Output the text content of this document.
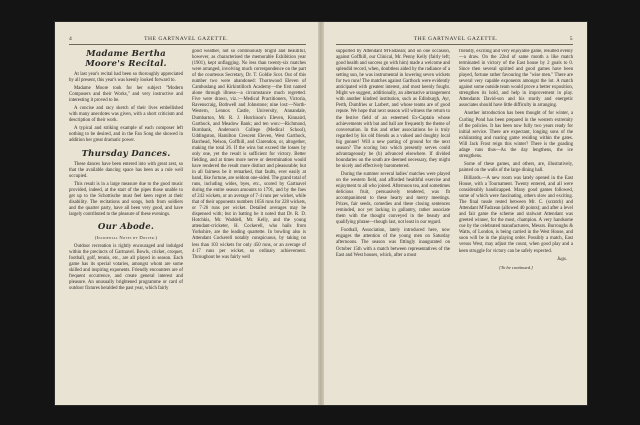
4	THE GARTNAVEL GAZETTE.
Madame Bertha Moore's Recital.

At last year's recital had been so thoroughly appreciated by all present, this year's was keenly looked forward to.

Madame Moore took for her subject "Modern Composers and their Works," and very instructive and interesting it proved to be.

A concise and racy sketch of their lives embellished with many anecdotes was given, with a short criticism and description of their work.

A typical and striking example of each composer left nothing to be desired, and in the Fan Song she showed in addition her great dramatic power.

Thursday Dances.

These dances have been entered into with great zest, so that the available dancing space has been as a rule well occupied.

This result is in a large measure due to the good music provided, indeed, at the start of the pipes those unable to get up to the Schottische must feel keen regret at their disability. The recitations and songs, both from soldiers and the quarter party, have all been very good, and have largely contributed to the pleasure of these evenings.

Our Abode.
(Incidental Notes by Doster.)

Outdoor recreation is rightly encouraged and indulged within the precincts of Gartnavel. Bowls, cricket, croquet, football, golf, tennis, etc., are all played in season. Each game has its special votaries, amongst whom are some skilled and inspiring exponents. Friendly encounters are of frequent occurrence, and create general interest and pleasure. An unusually brightened programme or card of outdoor fixtures heralded the past year, which fairly

good weather, not so continuously bright and beautiful, however, as characterised the memorable Exhibition year (1901), kept unflagging. No less than twenty-six matches were arranged, involving much correspondence on the part of the courteous Secretary, Dr. T. Goldie Scot. Out of this number two were abandoned: Thornwood Eleven of Cambuslang and Kirkintilloch Academy—the first named alone through illness—a circumstance much regretted. Five were drawn, viz.:—Medical Practitioners, Victoria, Ravenscraig, Bothwell and Johnstone; nine lost:—North-Western, Lennox Castle, University, Annandale, Dumbarton, Mr. R. J. Hutchison's Eleven, Kinnaird, Garthock, and Meadow Bank; and ten won:—Richmond, Burnbank, Anderson's College (Medical School), Uddingston, Hamilton Crescent Eleven, West Garthock, Barrhead, Nelson, Goffhill, and Clarendon, or, altogether, making the total 26. If the wins but exceed the losses by only one, yet the result is sufficient for victory. Better fielding, and at times more nerve or determination would have rendered the result more distinct and pleasurable; but in all fairness be it remarked, that faults, ever easily at hand, like fortune, are seldom one-sided. The grand total of runs, including wides, byes, etc., scored by Gartnavel during the entire season amounts to 1791, and by the foes of 242 wickets, or an average of 7·4 runs per wicket, while that of their opponents numbers 1656 runs for 228 wickets, or 7·26 runs per wicket. Detailed averages may be dispensed with; but in batting be it noted that Dr. R. D. Hotchkis, Mr. Waddell, Mr. Kelly, and the young attendant-cricketer, H. Cockerell, who hails from Yorkshire, are the leading quartette. In bowling also is Attendant Cockerell notably conspicuous, by taking no less than 103 wickets for only 450 runs, or an average of 4·17 runs per wicket, so ordinary achievement. Throughout he was fairly well

THE GARTNAVEL GAZETTE.	5

supported by Attendant M'Fadzean; and on one occasion, against Goffhill, our Clinical, Mr. Penny Kelly (fairly left; good health and success go with him) made a welcome and splendid record, when, doubtless aided by the radiance of a setting sun, he was instrumental in lowering seven wickets for two runs! The matches against Garthock were evidently anticipated with greatest interest, and most keenly fought. Might we suggest, additionally, an alternative arrangement with another kindred institution, such as Edinburgh, Ayr, Perth, Dumfries or Larbert, and whose teams are of good repute. We hope that next season will witness the return to the festive field of an esteemed Ex-Captain whose achievements with bat and ball are frequently the theme of conversation. In this and other associations he is truly regarded by his old friends as a valued and doughty local big gunner! Will a new parting of ground for the next season? The scoring box which presently serves could advantageously be (b) advanced elsewhere. If divided boundaries on the south are deemed necessary, they might be nicely and effectively barometered.

During the summer several ladies' matches were played on the western field, and afforded healthful exercise and enjoyment to all who joined. Afternoon tea, and sometimes delicious fruit, persuasively tendered, was fit accompaniment to these hearty and merry meetings. Prizes, fair seeds, comedies and these closing sentences reminded, nor yet lacking in gallantry, rather associate them with the thought conveyed in the beauty and qualifying phrase—though last, not least in our regard.

Football, Association, lately introduced here, now engages the attention of the young men on Saturday afternoons. The season was fittingly inaugurated on October 15th with a match between representatives of the East and West houses, which, after a most

friendly, exciting and very enjoyable game, resulted evenly—a draw. On the 22nd of same month a like match terminated in victory of the East house by 2 goals to 0. Since then several spirited and good games have been played, fortune rather favouring the "wise men." There are several very capable exponents amongst the lot. A match against some outside team would prove a better exposition, strengthen its hold, and help in improvement in play. Attendants David-son and his sturdy and energetic associates should have little difficulty in arranging.

Another introduction has been thought of for winter, a Curling Pond has been prepared in the western extremity of the policies. It has been now fully two years ready for initial service. There are expectant, longing sons of the exhilarating and roaring game residing within the gates. Will Jack Frost reign this winter? There is the goading adage runs thus—As the day lengthens, the ice strengthens.

Some of these games, and others, are, illustratively, painted on the walls of the large dining hall.

Billiards.—A new room was lately opened in the East House, with a Tournament. Twenty entered, and all were considerably handicapped. Many good games followed, some of which were fascinating, others slow and exciting. The final tussle rested between Mr. C. (scratch) and Attendant M'Fadzean (allowed 40 points); and after a level and fair game the scheme and stalwart Attendant was greeted winner, for the most, champion. A very handsome cue by the celebrated manufacturers, Messrs. Burroughs & Watts, of London, is being carried in the West House, and soon will be in the playing order. Possibly a match, East versus West, may adjust the count, when good play and a keen struggle for victory can be safely expected.

Jugs.
[To be continued.]
